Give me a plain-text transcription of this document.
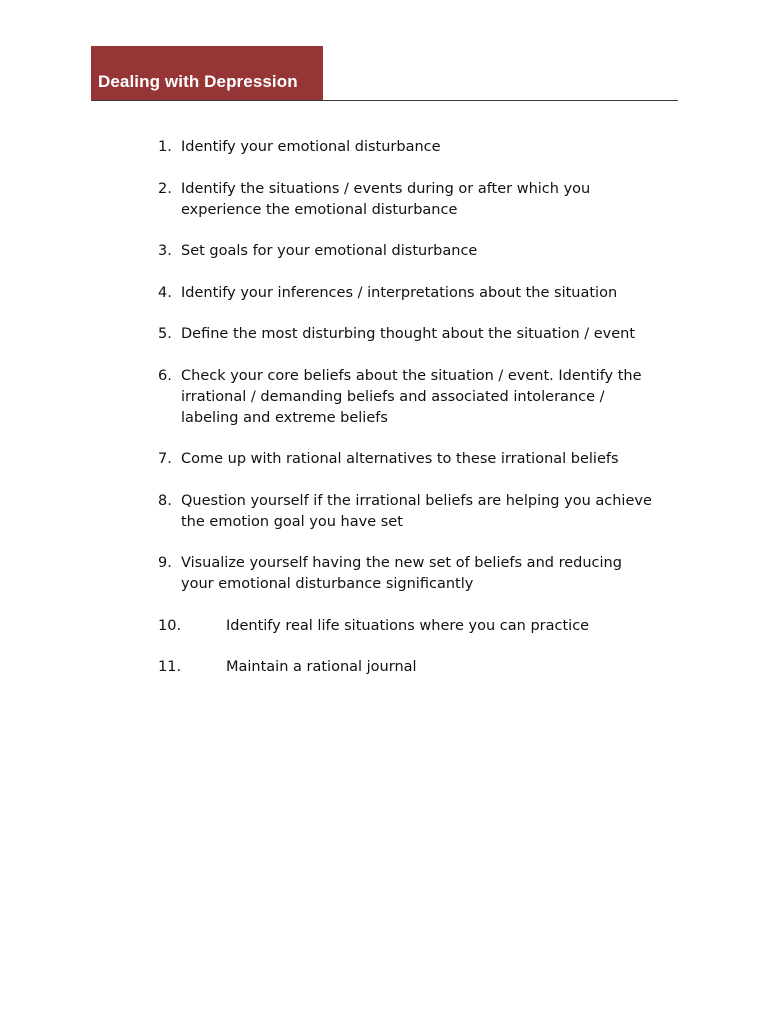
Dealing with Depression
1. Identify your emotional disturbance
2. Identify the situations / events during or after which you
experience the emotional disturbance
3. Set goals for your emotional disturbance
4. Identify your inferences / interpretations about the situation
5. Define the most disturbing thought about the situation / event
6. Check your core beliefs about the situation / event. Identify the
irrational / demanding beliefs and associated intolerance /
labeling and extreme beliefs
7. Come up with rational alternatives to these irrational beliefs
8. Question yourself if the irrational beliefs are helping you achieve
the emotion goal you have set
9. Visualize yourself having the new set of beliefs and reducing
your emotional disturbance significantly
10.	Identify real life situations where you can practice
11.	Maintain a rational journal
